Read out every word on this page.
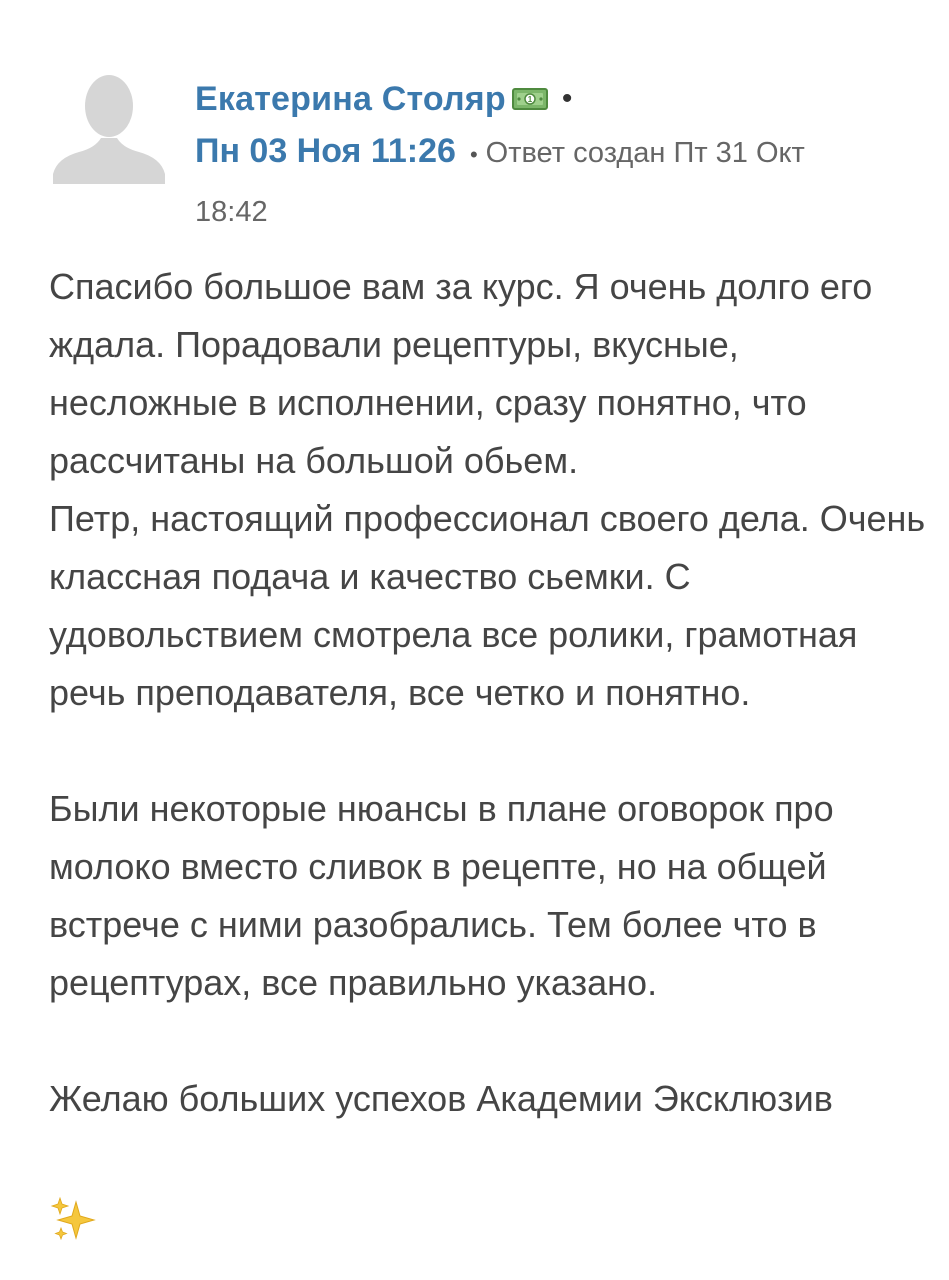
Екатерина Столяр	1 •
Пн 03 Ноя 11:26 • Ответ создан Пт 31 Окт
18:42

Спасибо большое вам за курс. Я очень долго его ждала. Порадовали рецептуры, вкусные, несложные в исполнении, сразу понятно, что рассчитаны на большой обьем.

Петр, настоящий профессионал своего дела. Очень классная подача и качество сьемки. С удовольствием смотрела все ролики, грамотная речь преподавателя, все четко и понятно.

Были некоторые нюансы в плане оговорок про молоко вместо сливок в рецепте, но на общей встрече с ними разобрались. Тем более что в рецептурах, все правильно указано.

Желаю больших успехов Академии Эксклюзив
